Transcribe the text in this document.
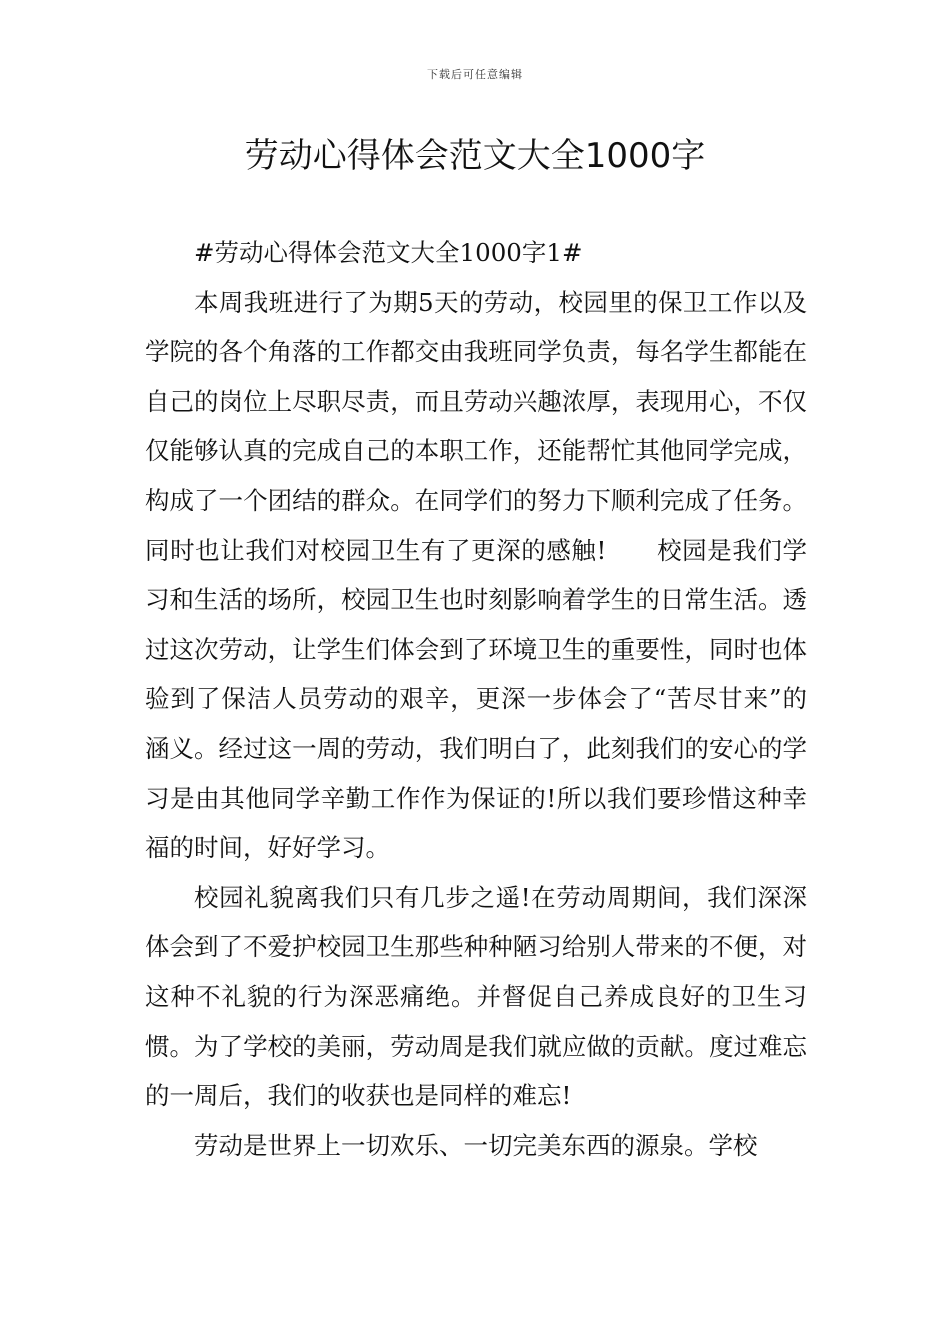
下载后可任意编辑
劳动心得体会范文大全1000字

#劳动心得体会范文大全1000字1#

本周我班进行了为期5天的劳动，校园里的保卫工作以及学院的各个角落的工作都交由我班同学负责，每名学生都能在自己的岗位上尽职尽责，而且劳动兴趣浓厚，表现用心，不仅仅能够认真的完成自己的本职工作，还能帮忙其他同学完成，构成了一个团结的群众。在同学们的努力下顺利完成了任务。同时也让我们对校园卫生有了更深的感触!　　校园是我们学习和生活的场所，校园卫生也时刻影响着学生的日常生活。透过这次劳动，让学生们体会到了环境卫生的重要性，同时也体验到了保洁人员劳动的艰辛，更深一步体会了“苦尽甘来”的涵义。经过这一周的劳动，我们明白了，此刻我们的安心的学习是由其他同学辛勤工作作为保证的!所以我们要珍惜这种幸福的时间，好好学习。

校园礼貌离我们只有几步之遥!在劳动周期间，我们深深体会到了不爱护校园卫生那些种种陋习给别人带来的不便，对这种不礼貌的行为深恶痛绝。并督促自己养成良好的卫生习惯。为了学校的美丽，劳动周是我们就应做的贡献。度过难忘的一周后，我们的收获也是同样的难忘!

劳动是世界上一切欢乐、一切完美东西的源泉。学校
